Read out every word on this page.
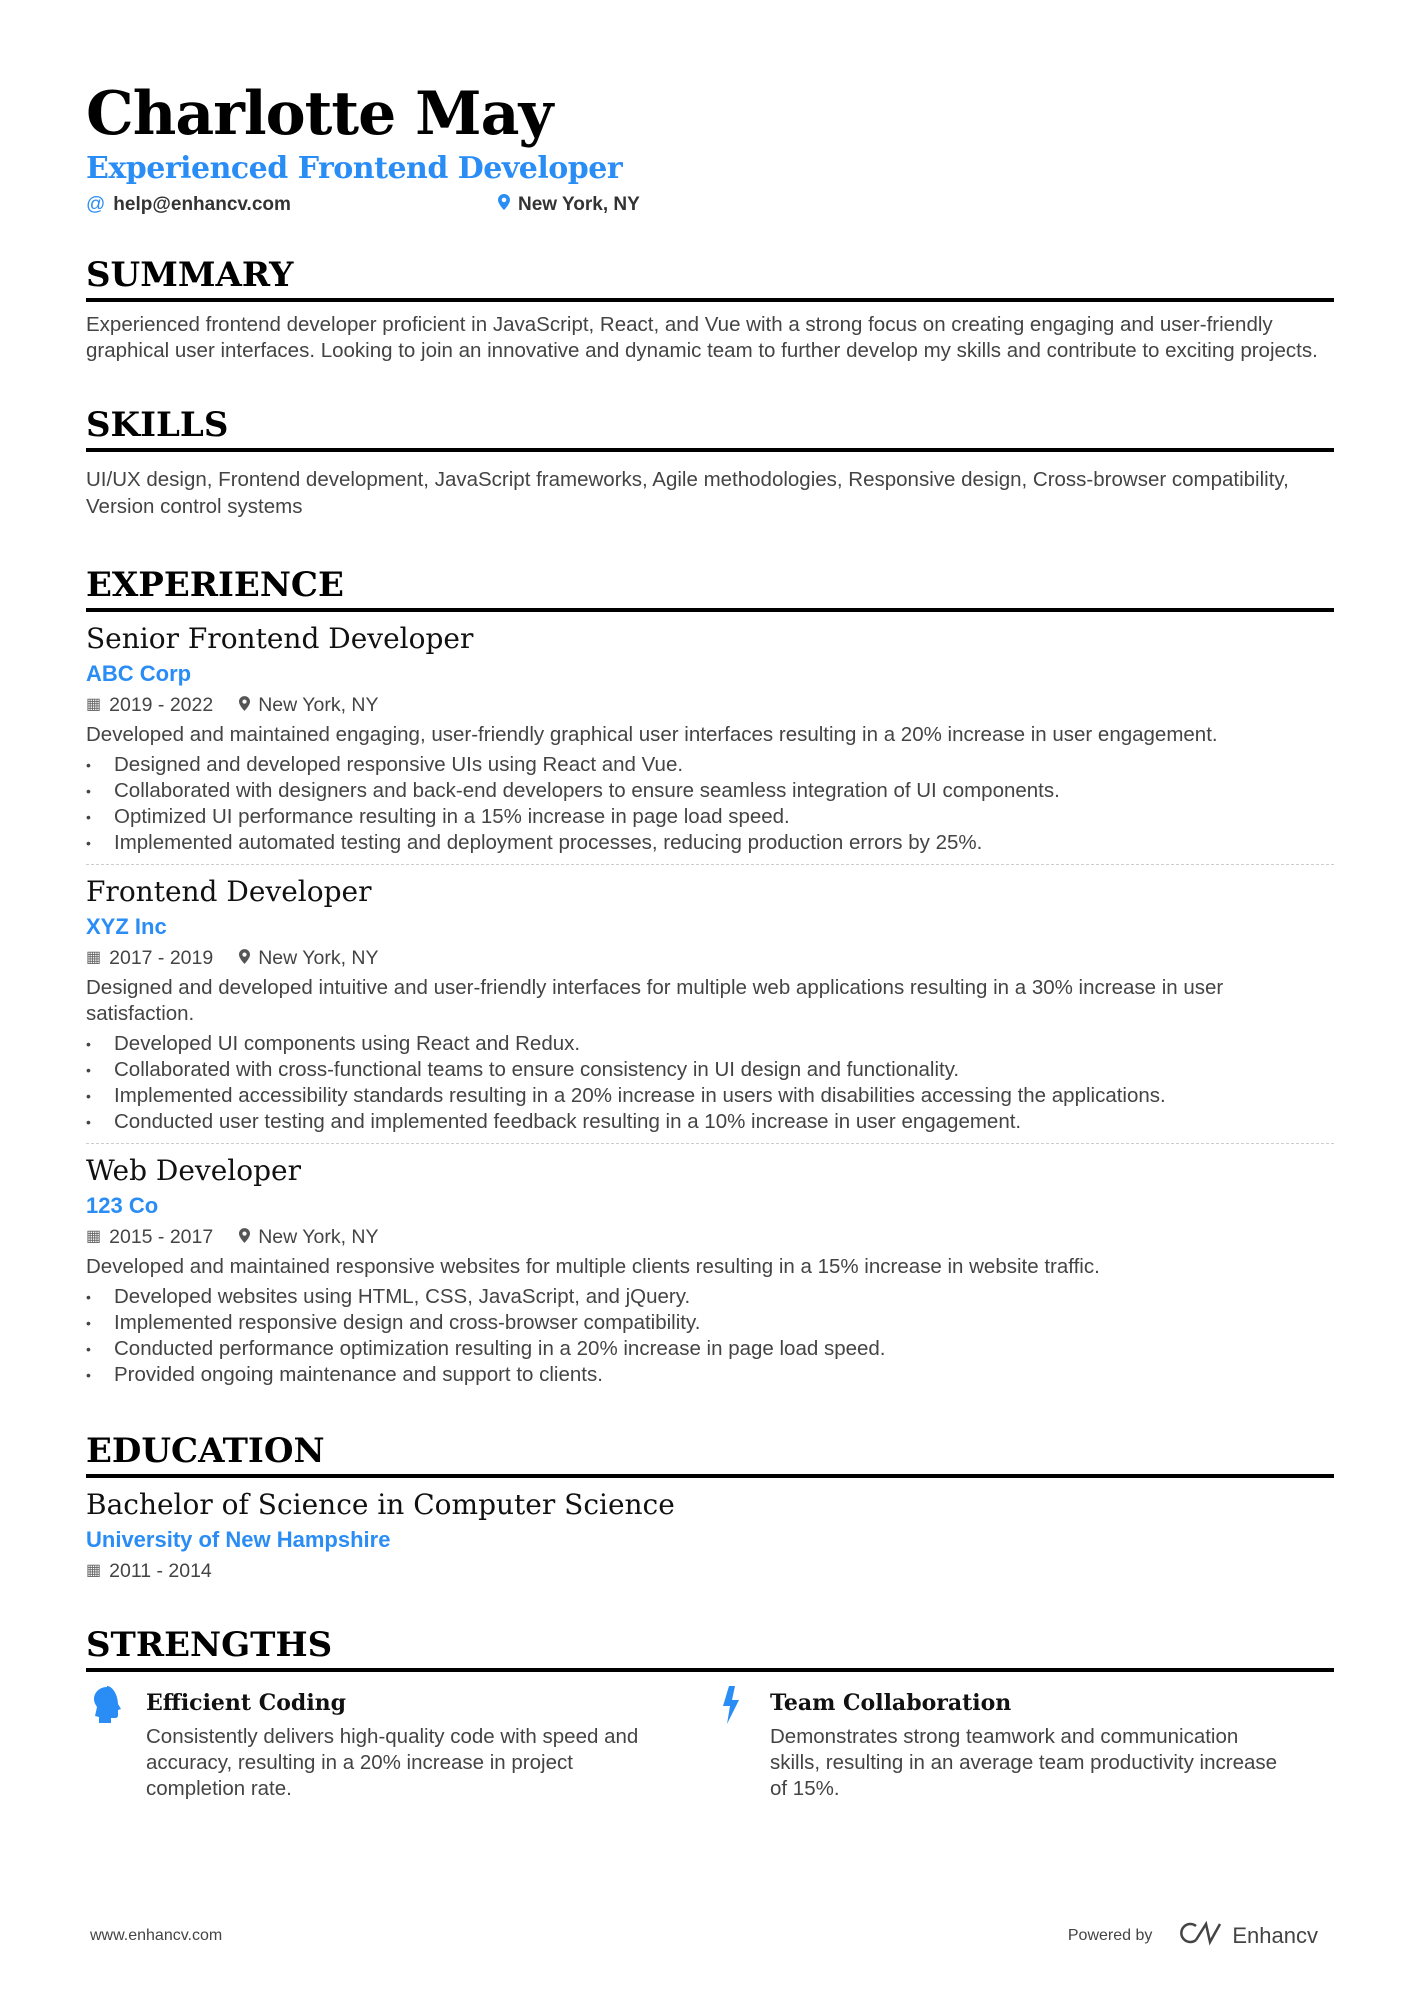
Charlotte May
Experienced Frontend Developer
@ help@enhancv.com	New York, NY
SUMMARY
Experienced frontend developer proficient in JavaScript, React, and Vue with a strong focus on creating engaging and user-friendly graphical user interfaces. Looking to join an innovative and dynamic team to further develop my skills and contribute to exciting projects.
SKILLS
UI/UX design, Frontend development, JavaScript frameworks, Agile methodologies, Responsive design, Cross-browser compatibility, Version control systems
EXPERIENCE
Senior Frontend Developer
ABC Corp
▦ 2019 - 2022 New York, NY
Developed and maintained engaging, user-friendly graphical user interfaces resulting in a 20% increase in user engagement.
• Designed and developed responsive UIs using React and Vue.
• Collaborated with designers and back-end developers to ensure seamless integration of UI components.
• Optimized UI performance resulting in a 15% increase in page load speed.
• Implemented automated testing and deployment processes, reducing production errors by 25%.
Frontend Developer
XYZ Inc
▦ 2017 - 2019 New York, NY
Designed and developed intuitive and user-friendly interfaces for multiple web applications resulting in a 30% increase in user satisfaction.
• Developed UI components using React and Redux.
• Collaborated with cross-functional teams to ensure consistency in UI design and functionality.
• Implemented accessibility standards resulting in a 20% increase in users with disabilities accessing the applications.
• Conducted user testing and implemented feedback resulting in a 10% increase in user engagement.
Web Developer
123 Co
▦ 2015 - 2017 New York, NY
Developed and maintained responsive websites for multiple clients resulting in a 15% increase in website traffic.
• Developed websites using HTML, CSS, JavaScript, and jQuery.
• Implemented responsive design and cross-browser compatibility.
• Conducted performance optimization resulting in a 20% increase in page load speed.
• Provided ongoing maintenance and support to clients.
EDUCATION
Bachelor of Science in Computer Science
University of New Hampshire
▦ 2011 - 2014
STRENGTHS
Efficient Coding

Consistently delivers high-quality code with speed and accuracy, resulting in a 20% increase in project completion rate.

Team Collaboration

Demonstrates strong teamwork and communication skills, resulting in an average team productivity increase of 15%.

www.enhancv.com	Powered by	Enhancv
